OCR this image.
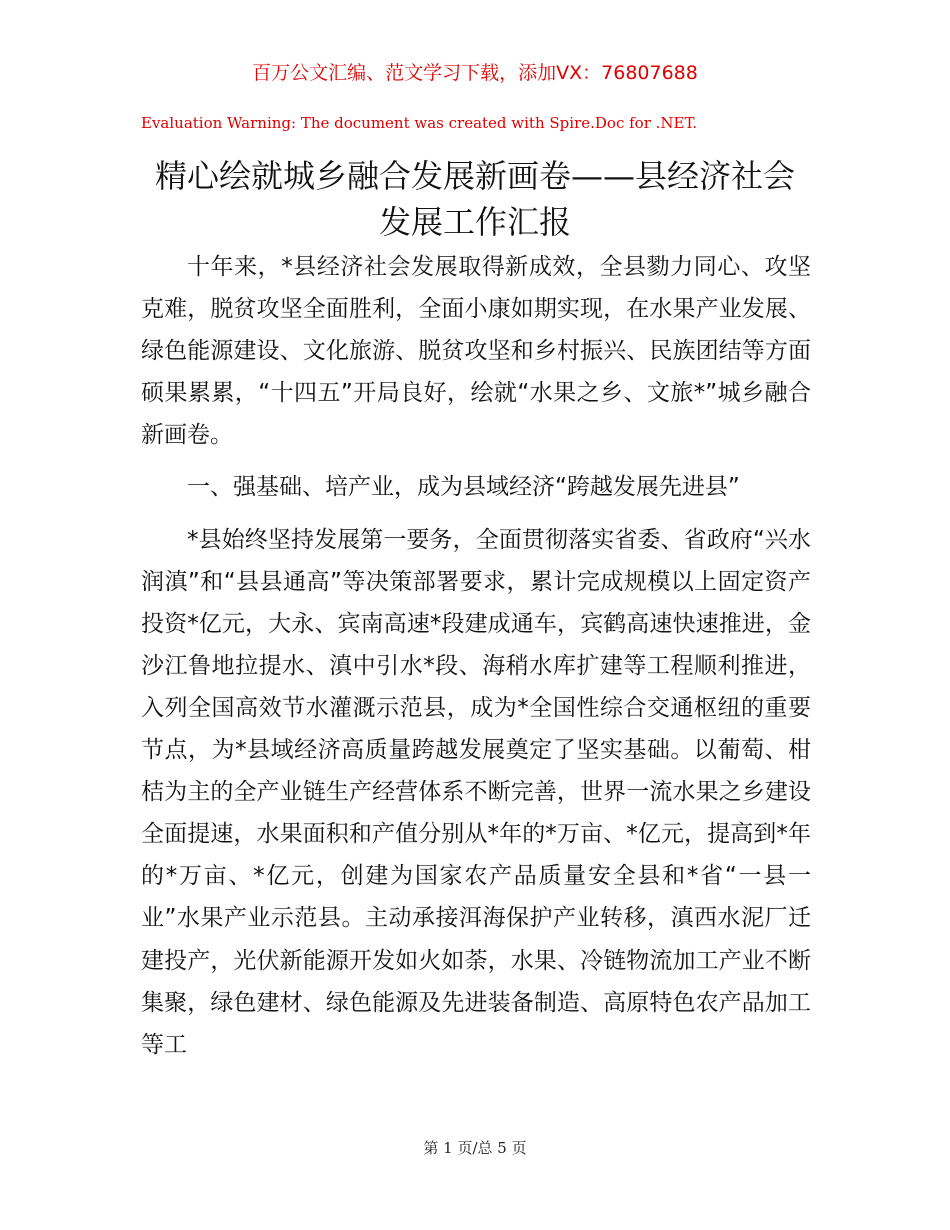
百万公文汇编、范文学习下载，添加VX：76807688
Evaluation Warning: The document was created with Spire.Doc for .NET.
精心绘就城乡融合发展新画卷——县经济社会
发展工作汇报

十年来，*县经济社会发展取得新成效，全县勠力同心、攻坚克难，脱贫攻坚全面胜利，全面小康如期实现，在水果产业发展、绿色能源建设、文化旅游、脱贫攻坚和乡村振兴、民族团结等方面硕果累累，“十四五”开局良好，绘就“水果之乡、文旅*”城乡融合新画卷。

一、强基础、培产业，成为县域经济“跨越发展先进县”

*县始终坚持发展第一要务，全面贯彻落实省委、省政府“兴水润滇”和“县县通高”等决策部署要求，累计完成规模以上固定资产投资*亿元，大永、宾南高速*段建成通车，宾鹤高速快速推进，金沙江鲁地拉提水、滇中引水*段、海稍水库扩建等工程顺利推进，入列全国高效节水灌溉示范县，成为*全国性综合交通枢纽的重要节点，为*县域经济高质量跨越发展奠定了坚实基础。以葡萄、柑桔为主的全产业链生产经营体系不断完善，世界一流水果之乡建设全面提速，水果面积和产值分别从*年的*万亩、*亿元，提高到*年的*万亩、*亿元，创建为国家农产品质量安全县和*省“一县一业”水果产业示范县。主动承接洱海保护产业转移，滇西水泥厂迁建投产，光伏新能源开发如火如荼，水果、冷链物流加工产业不断集聚，绿色建材、绿色能源及先进装备制造、高原特色农产品加工等工

第 1 页/总 5 页
